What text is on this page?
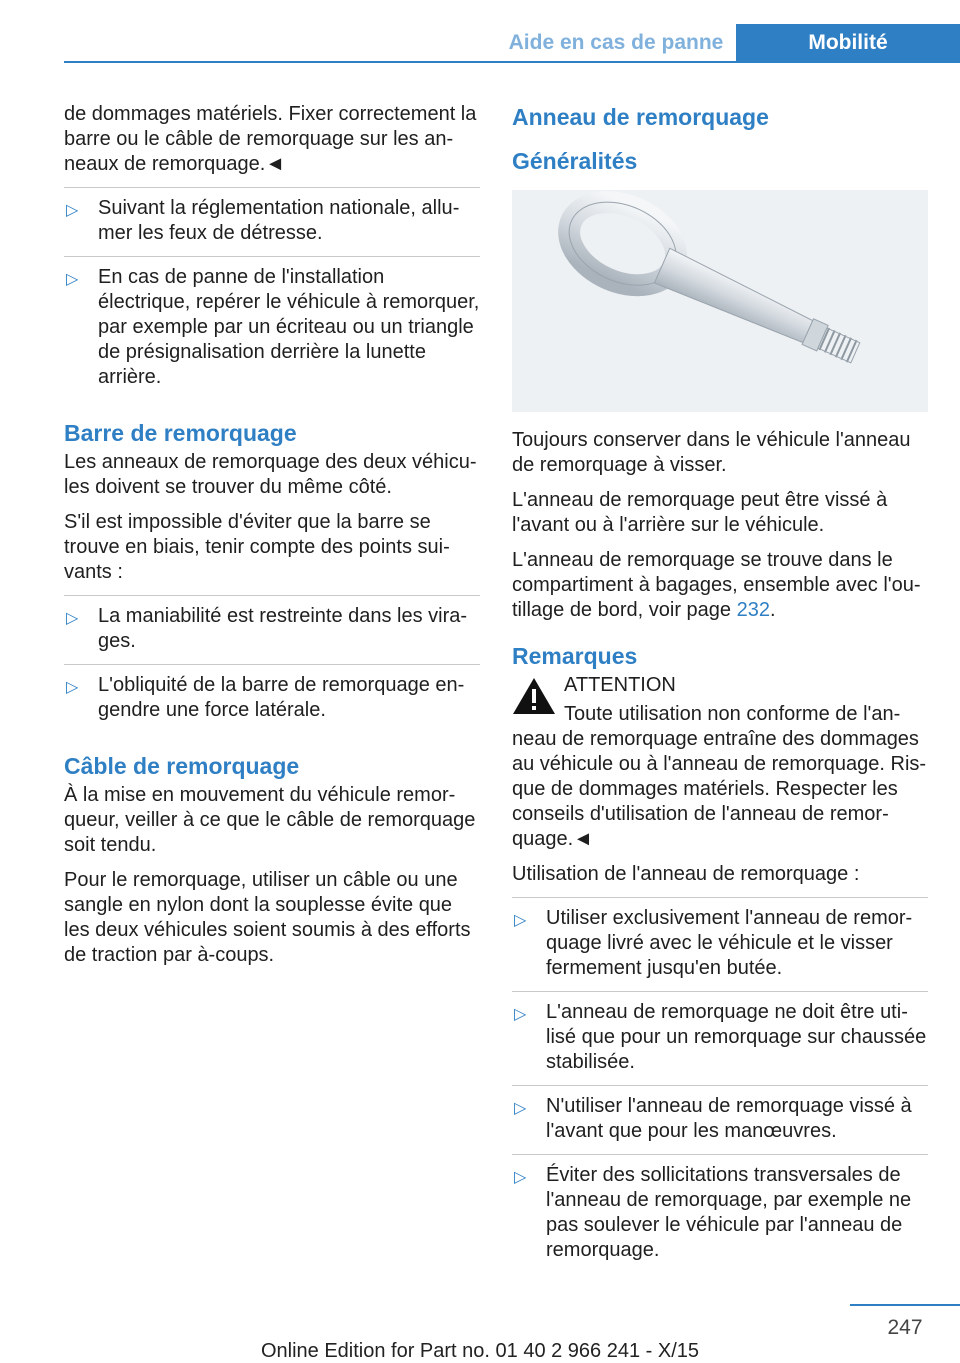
Aide en cas de panne	Mobilité

de dommages matériels. Fixer correctement la barre ou le câble de remorquage sur les anneaux de remorquage.◄

▷ Suivant la réglementation nationale, allumer les feux de détresse.
▷ En cas de panne de l'installation électrique, repérer le véhicule à remorquer, par exemple par un écriteau ou un triangle de présignalisation derrière la lunette arrière.
Barre de remorquage

Les anneaux de remorquage des deux véhicules doivent se trouver du même côté.

S'il est impossible d'éviter que la barre se trouve en biais, tenir compte des points suivants :

▷ La maniabilité est restreinte dans les virages.
▷ L'obliquité de la barre de remorquage engendre une force latérale.
Câble de remorquage

À la mise en mouvement du véhicule remorqueur, veiller à ce que le câble de remorquage soit tendu.

Pour le remorquage, utiliser un câble ou une sangle en nylon dont la souplesse évite que les deux véhicules soient soumis à des efforts de traction par à-coups.

Anneau de remorquage
Généralités

Toujours conserver dans le véhicule l'anneau de remorquage à visser.

L'anneau de remorquage peut être vissé à l'avant ou à l'arrière sur le véhicule.

L'anneau de remorquage se trouve dans le compartiment à bagages, ensemble avec l'outillage de bord, voir page 232.

Remarques

ATTENTION

Toute utilisation non conforme de l'anneau de remorquage entraîne des dommages au véhicule ou à l'anneau de remorquage. Risque de dommages matériels. Respecter les conseils d'utilisation de l'anneau de remorquage.◄

Utilisation de l'anneau de remorquage :

▷ Utiliser exclusivement l'anneau de remorquage livré avec le véhicule et le visser fermement jusqu'en butée.
▷ L'anneau de remorquage ne doit être utilisé que pour un remorquage sur chaussée stabilisée.
▷ N'utiliser l'anneau de remorquage vissé à l'avant que pour les manœuvres.
▷ Éviter des sollicitations transversales de l'anneau de remorquage, par exemple ne pas soulever le véhicule par l'anneau de remorquage.
247
Online Edition for Part no. 01 40 2 966 241 - X/15
